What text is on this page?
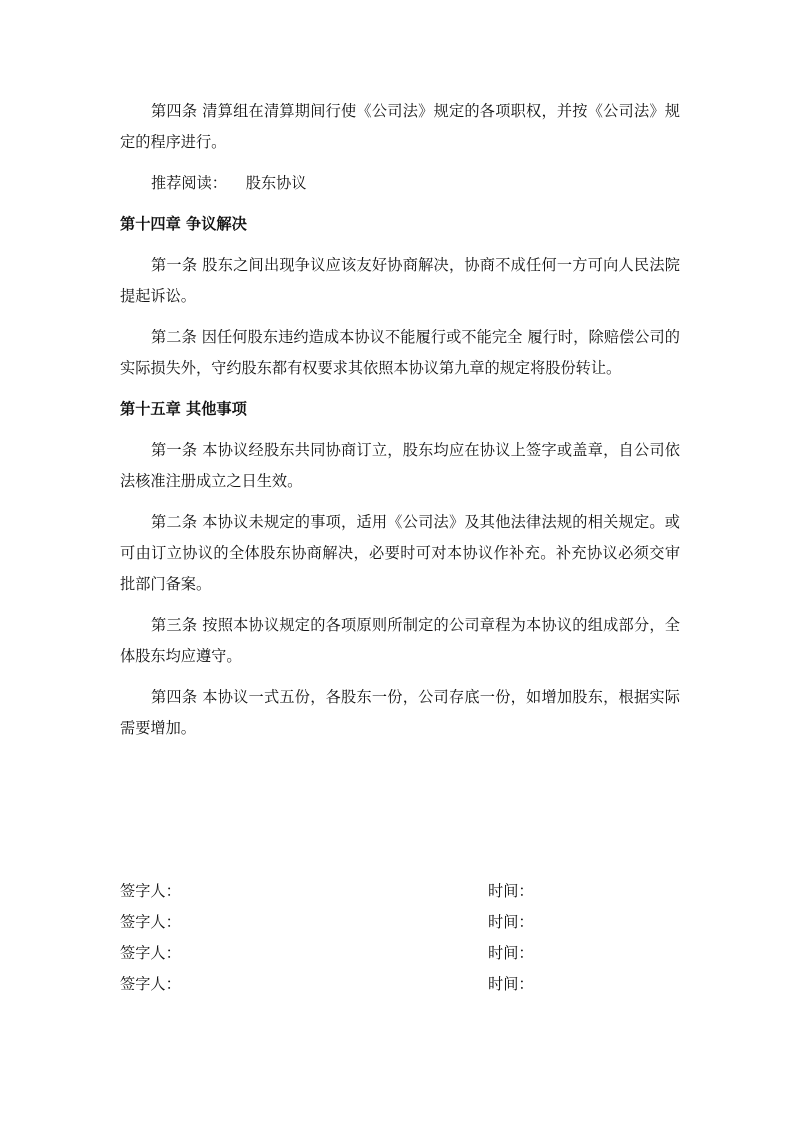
第四条 清算组在清算期间行使《公司法》规定的各项职权，并按《公司法》规定的程序进行。

推荐阅读： 股东协议

第十四章 争议解决

第一条 股东之间出现争议应该友好协商解决，协商不成任何一方可向人民法院提起诉讼。

第二条 因任何股东违约造成本协议不能履行或不能完全 履行时，除赔偿公司的实际损失外，守约股东都有权要求其依照本协议第九章的规定将股份转让。

第十五章 其他事项

第一条 本协议经股东共同协商订立，股东均应在协议上签字或盖章，自公司依法核准注册成立之日生效。

第二条 本协议未规定的事项，适用《公司法》及其他法律法规的相关规定。或可由订立协议的全体股东协商解决，必要时可对本协议作补充。补充协议必须交审批部门备案。

第三条 按照本协议规定的各项原则所制定的公司章程为本协议的组成部分，全体股东均应遵守。

第四条 本协议一式五份，各股东一份，公司存底一份，如增加股东，根据实际需要增加。

签字人：	时间：
签字人：	时间：
签字人：	时间：
签字人：	时间：
